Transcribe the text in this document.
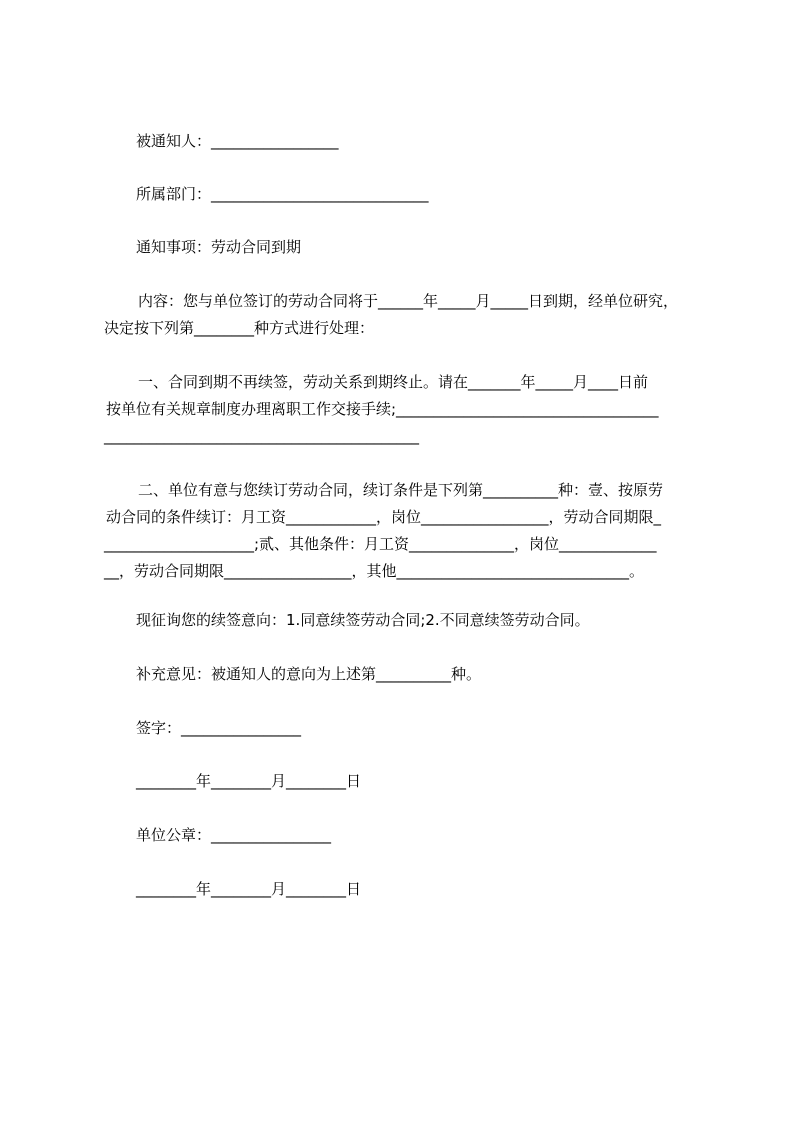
被通知人：_________________
所属部门：_____________________________
通知事项：劳动合同到期
内容：您与单位签订的劳动合同将于______年_____月_____日到期，经单位研究，
决定按下列第________种方式进行处理：
一、合同到期不再续签，劳动关系到期终止。请在_______年_____月____日前
按单位有关规章制度办理离职工作交接手续;___________________________________
__________________________________________
二、单位有意与您续订劳动合同，续订条件是下列第__________种：壹、按原劳
动合同的条件续订：月工资____________，岗位_________________，劳动合同期限_
____________________;贰、其他条件：月工资______________，岗位_____________
__，劳动合同期限_________________，其他_______________________________。
现征询您的续签意向：1.同意续签劳动合同;2.不同意续签劳动合同。
补充意见：被通知人的意向为上述第__________种。
签字：________________
________年________月________日
单位公章：________________
________年________月________日
